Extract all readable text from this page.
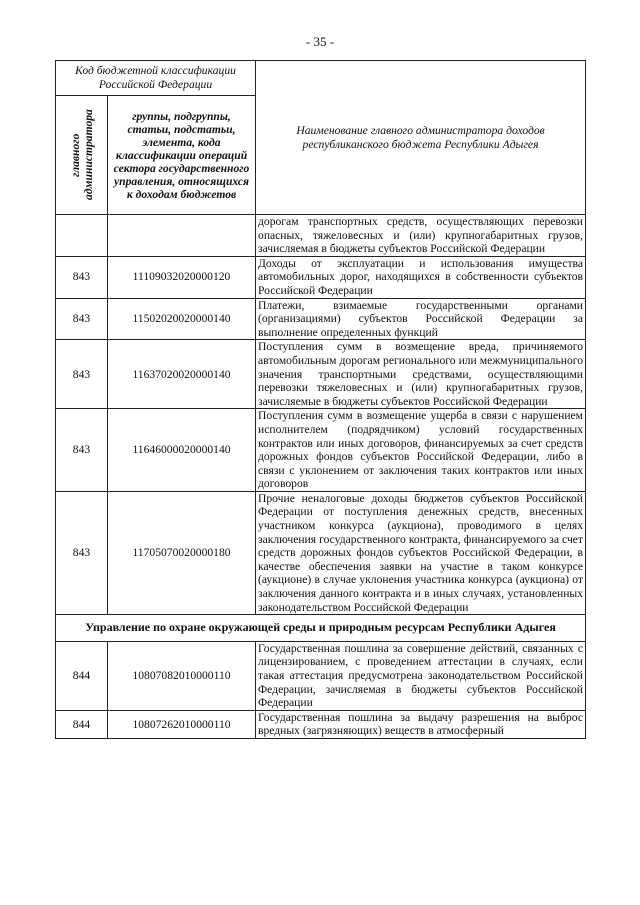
- 35 -
Код бюджетной классификации Российской Федерации		Наименование главного администратора доходов республиканского бюджета Республики Адыгея

главного администратора	группы, подгруппы, статьи, подстатьи, элемента, кода классификации операций сектора государственного управления, относящихся к доходам бюджетов	
		дорогам транспортных средств, осуществляющих перевозки опасных, тяжеловесных и (или) крупногабаритных грузов, зачисляемая в бюджеты субъектов Российской Федерации
843	11109032020000120	Доходы от эксплуатации и использования имущества автомобильных дорог, находящихся в собственности субъектов Российской Федерации
843	11502020020000140	Платежи, взимаемые государственными органами (организациями) субъектов Российской Федерации за выполнение определенных функций
843	11637020020000140	Поступления сумм в возмещение вреда, причиняемого автомобильным дорогам регионального или межмуниципального значения транспортными средствами, осуществляющими перевозки тяжеловесных и (или) крупногабаритных грузов, зачисляемые в бюджеты субъектов Российской Федерации
843	11646000020000140	Поступления сумм в возмещение ущерба в связи с нарушением исполнителем (подрядчиком) условий государственных контрактов или иных договоров, финансируемых за счет средств дорожных фондов субъектов Российской Федерации, либо в связи с уклонением от заключения таких контрактов или иных договоров
843	11705070020000180	Прочие неналоговые доходы бюджетов субъектов Российской Федерации от поступления денежных средств, внесенных участником конкурса (аукциона), проводимого в целях заключения государственного контракта, финансируемого за счет средств дорожных фондов субъектов Российской Федерации, в качестве обеспечения заявки на участие в таком конкурсе (аукционе) в случае уклонения участника конкурса (аукциона) от заключения данного контракта и в иных случаях, установленных законодательством Российской Федерации
Управление по охране окружающей среды и природным ресурсам Республики Адыгея		
844	10807082010000110	Государственная пошлина за совершение действий, связанных с лицензированием, с проведением аттестации в случаях, если такая аттестация предусмотрена законодательством Российской Федерации, зачисляемая в бюджеты субъектов Российской Федерации
844	10807262010000110	Государственная пошлина за выдачу разрешения на выброс вредных (загрязняющих) веществ в атмосферный
